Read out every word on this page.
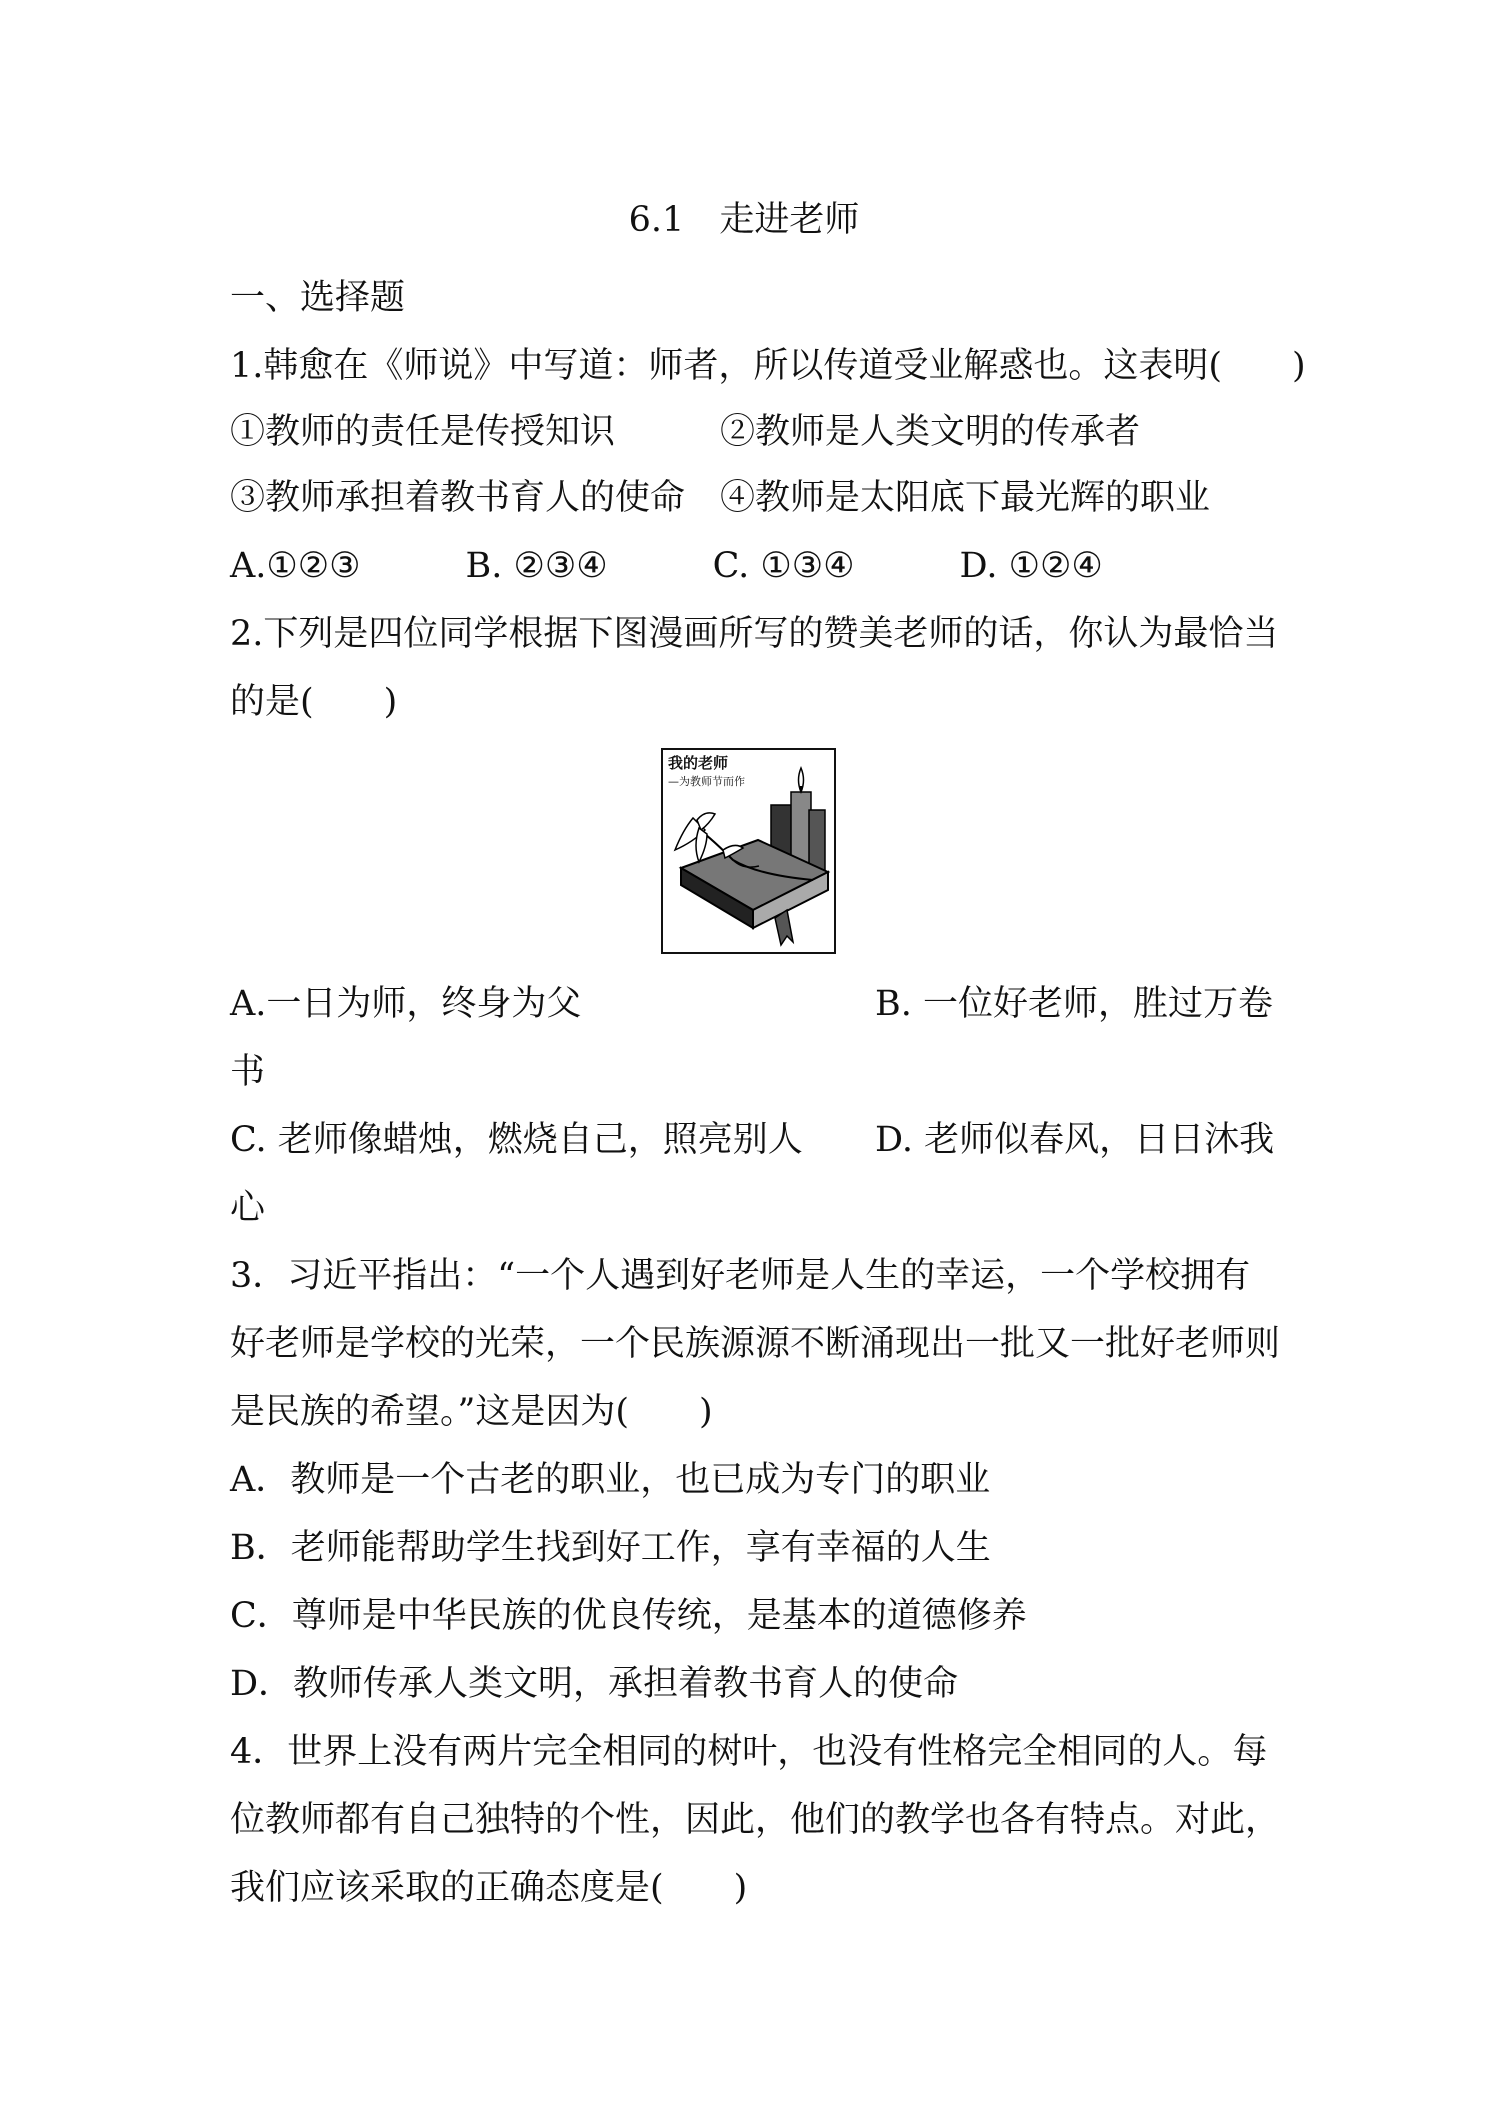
6.1　走进老师
一、选择题
1.韩愈在《师说》中写道：师者，所以传道受业解惑也。这表明(　　)
①教师的责任是传授知识	②教师是人类文明的传承者
③教师承担着教书育人的使命 ④教师是太阳底下最光辉的职业
A.①②③　　　B. ②③④　　　C. ①③④　　　D. ①②④
2.下列是四位同学根据下图漫画所写的赞美老师的话，你认为最恰当
的是(　　)
我的老师
—为教师节而作
A.一日为师，终身为父	B. 一位好老师，胜过万卷
书
C. 老师像蜡烛，燃烧自己，照亮别人 D. 老师似春风，日日沐我
心
3．习近平指出：“一个人遇到好老师是人生的幸运，一个学校拥有
好老师是学校的光荣，一个民族源源不断涌现出一批又一批好老师则
是民族的希望。”这是因为(　　)
A．教师是一个古老的职业，也已成为专门的职业
B．老师能帮助学生找到好工作，享有幸福的人生
C．尊师是中华民族的优良传统，是基本的道德修养
D．教师传承人类文明，承担着教书育人的使命
4．世界上没有两片完全相同的树叶，也没有性格完全相同的人。每
位教师都有自己独特的个性，因此，他们的教学也各有特点。对此，
我们应该采取的正确态度是(　　)
